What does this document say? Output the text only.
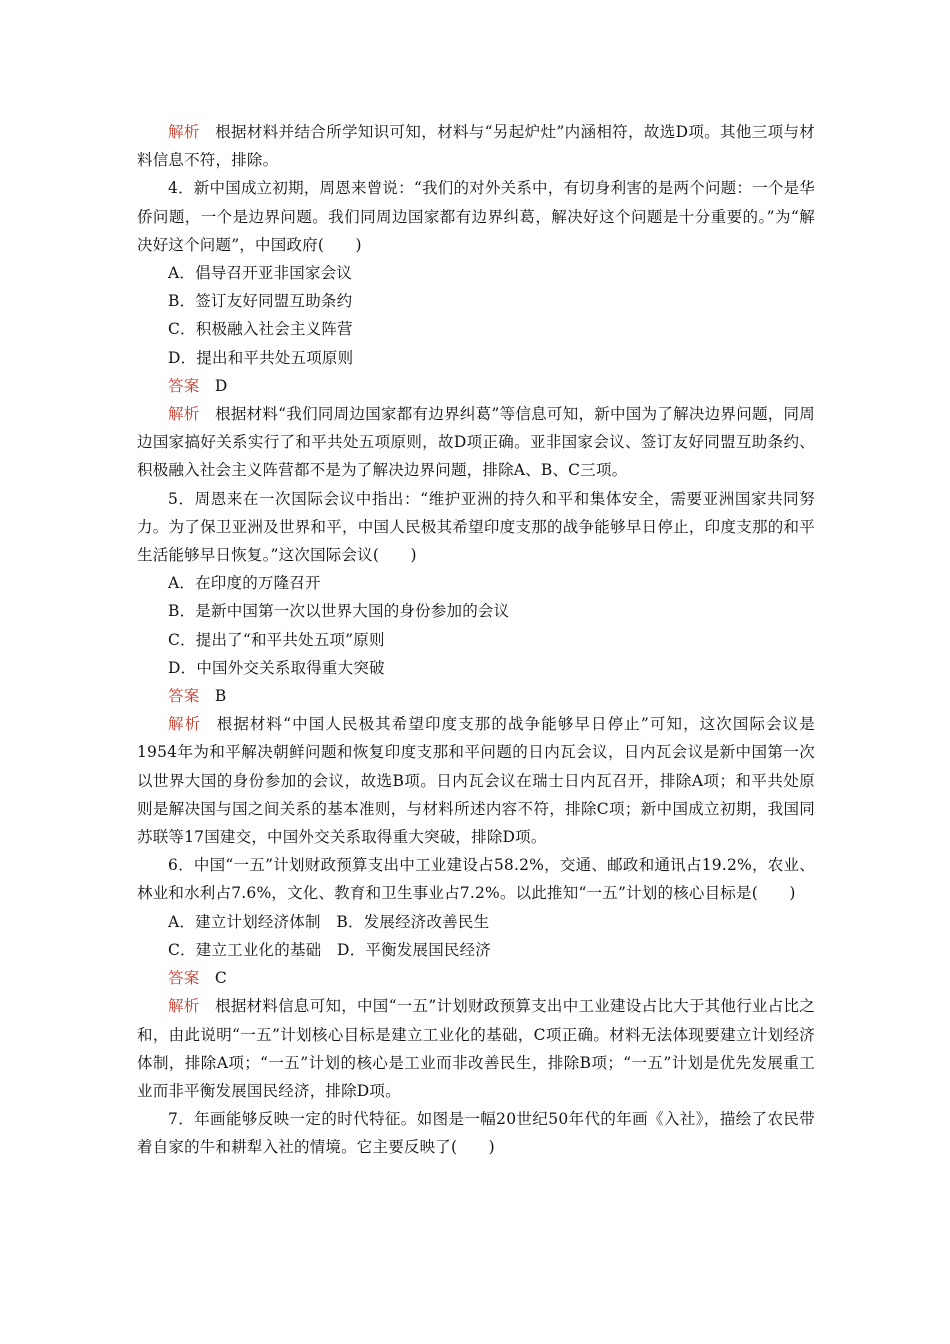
解析 根据材料并结合所学知识可知，材料与“另起炉灶”内涵相符，故选D项。其他三项与材料信息不符，排除。

4．新中国成立初期，周恩来曾说：“我们的对外关系中，有切身利害的是两个问题：一个是华侨问题，一个是边界问题。我们同周边国家都有边界纠葛，解决好这个问题是十分重要的。”为“解决好这个问题”，中国政府(　　)

A．倡导召开亚非国家会议

B．签订友好同盟互助条约

C．积极融入社会主义阵营

D．提出和平共处五项原则

答案 D

解析 根据材料“我们同周边国家都有边界纠葛”等信息可知，新中国为了解决边界问题，同周边国家搞好关系实行了和平共处五项原则，故D项正确。亚非国家会议、签订友好同盟互助条约、积极融入社会主义阵营都不是为了解决边界问题，排除A、B、C三项。

5．周恩来在一次国际会议中指出：“维护亚洲的持久和平和集体安全，需要亚洲国家共同努力。为了保卫亚洲及世界和平，中国人民极其希望印度支那的战争能够早日停止，印度支那的和平生活能够早日恢复。”这次国际会议(　　)

A．在印度的万隆召开

B．是新中国第一次以世界大国的身份参加的会议

C．提出了“和平共处五项”原则

D．中国外交关系取得重大突破

答案 B

解析 根据材料“中国人民极其希望印度支那的战争能够早日停止”可知，这次国际会议是1954年为和平解决朝鲜问题和恢复印度支那和平问题的日内瓦会议，日内瓦会议是新中国第一次以世界大国的身份参加的会议，故选B项。日内瓦会议在瑞士日内瓦召开，排除A项；和平共处原则是解决国与国之间关系的基本准则，与材料所述内容不符，排除C项；新中国成立初期，我国同苏联等17国建交，中国外交关系取得重大突破，排除D项。

6．中国“一五”计划财政预算支出中工业建设占58.2%，交通、邮政和通讯占19.2%，农业、林业和水利占7.6%，文化、教育和卫生事业占7.2%。以此推知“一五”计划的核心目标是(　　)

A．建立计划经济体制　B．发展经济改善民生

C．建立工业化的基础　D．平衡发展国民经济

答案 C

解析 根据材料信息可知，中国“一五”计划财政预算支出中工业建设占比大于其他行业占比之和，由此说明“一五”计划核心目标是建立工业化的基础，C项正确。材料无法体现要建立计划经济体制，排除A项；“一五”计划的核心是工业而非改善民生，排除B项；“一五”计划是优先发展重工业而非平衡发展国民经济，排除D项。

7．年画能够反映一定的时代特征。如图是一幅20世纪50年代的年画《入社》，描绘了农民带着自家的牛和耕犁入社的情境。它主要反映了(　　)
